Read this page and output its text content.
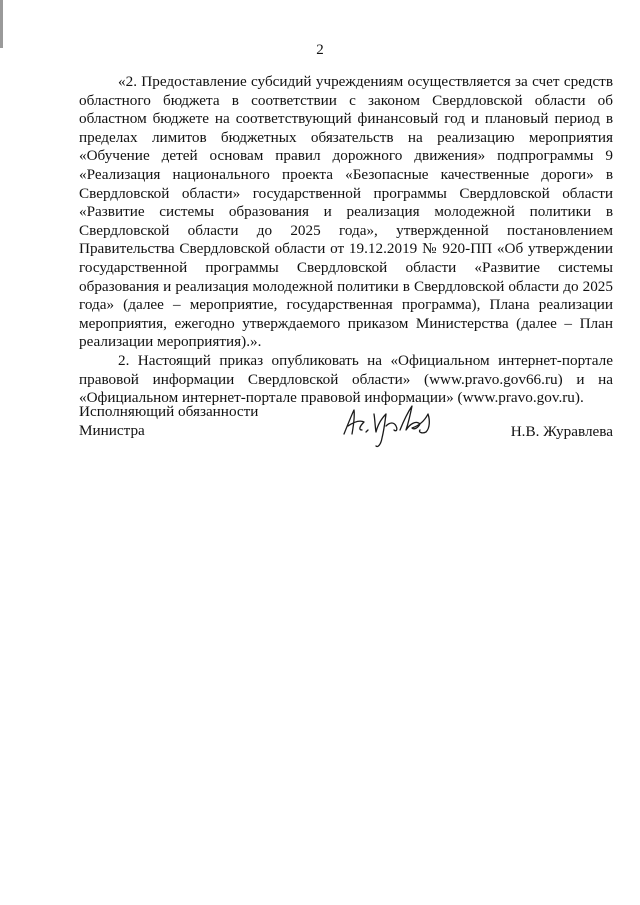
2

«2. Предоставление субсидий учреждениям осуществляется за счет средств областного бюджета в соответствии с законом Свердловской области об областном бюджете на соответствующий финансовый год и плановый период в пределах лимитов бюджетных обязательств на реализацию мероприятия «Обучение детей основам правил дорожного движения» подпрограммы 9 «Реализация национального проекта «Безопасные качественные дороги» в Свердловской области» государственной программы Свердловской области «Развитие системы образования и реализация молодежной политики в Свердловской области до 2025 года», утвержденной постановлением Правительства Свердловской области от 19.12.2019 № 920-ПП «Об утверждении государственной программы Свердловской области «Развитие системы образования и реализация молодежной политики в Свердловской области до 2025 года» (далее – мероприятие, государственная программа), Плана реализации мероприятия, ежегодно утверждаемого приказом Министерства (далее – План реализации мероприятия).».

2. Настоящий приказ опубликовать на «Официальном интернет-портале правовой информации Свердловской области» (www.pravo.gov66.ru) и на «Официальном интернет-портале правовой информации» (www.pravo.gov.ru).

Исполняющий обязанности
Министра	Н.В. Журавлева
